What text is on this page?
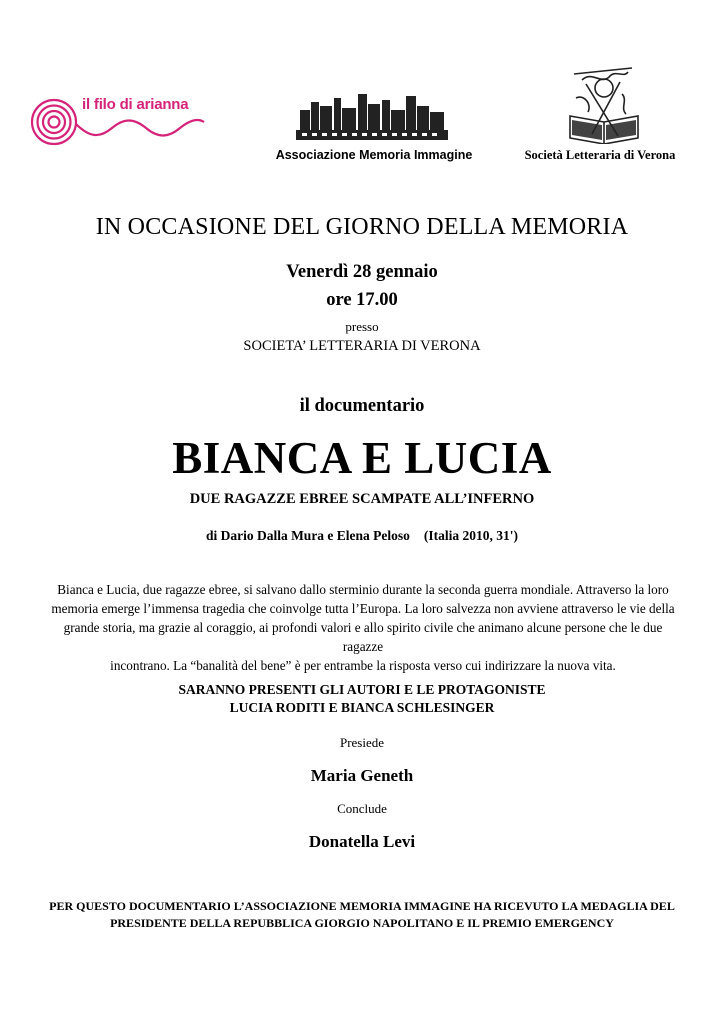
il filo di arianna
Associazione Memoria Immagine	Società Letteraria di Verona
IN OCCASIONE DEL GIORNO DELLA MEMORIA
Venerdì 28 gennaio
ore 17.00
presso
SOCIETA’ LETTERARIA DI VERONA
il documentario
BIANCA E LUCIA
DUE RAGAZZE EBREE SCAMPATE ALL’INFERNO
di Dario Dalla Mura e Elena Peloso (Italia 2010, 31')
Bianca e Lucia, due ragazze ebree, si salvano dallo sterminio durante la seconda guerra mondiale. Attraverso la loro
memoria emerge l’immensa tragedia che coinvolge tutta l’Europa. La loro salvezza non avviene attraverso le vie della
grande storia, ma grazie al coraggio, ai profondi valori e allo spirito civile che animano alcune persone che le due ragazze
incontrano. La “banalità del bene” è per entrambe la risposta verso cui indirizzare la nuova vita.
SARANNO PRESENTI GLI AUTORI E LE PROTAGONISTE
LUCIA RODITI E BIANCA SCHLESINGER
Presiede
Maria Geneth
Conclude
Donatella Levi
PER QUESTO DOCUMENTARIO L’ASSOCIAZIONE MEMORIA IMMAGINE HA RICEVUTO LA MEDAGLIA DEL
PRESIDENTE DELLA REPUBBLICA GIORGIO NAPOLITANO E IL PREMIO EMERGENCY
